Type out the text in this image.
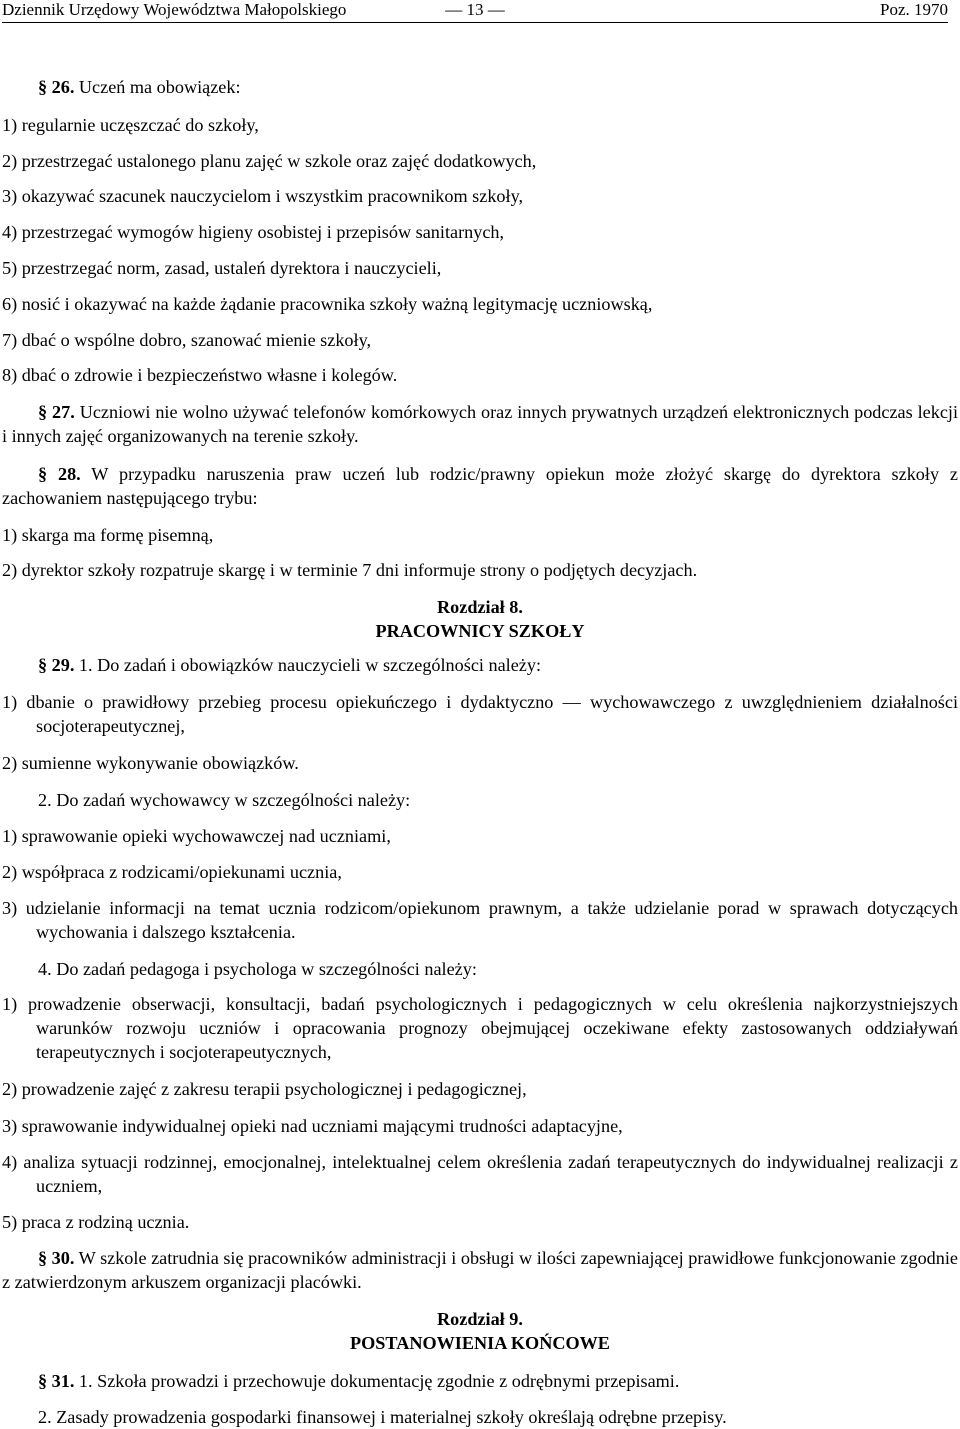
Dziennik Urzędowy Województwa Małopolskiego	— 13 —	Poz. 1970
§ 26. Uczeń ma obowiązek:
1) regularnie uczęszczać do szkoły,
2) przestrzegać ustalonego planu zajęć w szkole oraz zajęć dodatkowych,
3) okazywać szacunek nauczycielom i wszystkim pracownikom szkoły,
4) przestrzegać wymogów higieny osobistej i przepisów sanitarnych,
5) przestrzegać norm, zasad, ustaleń dyrektora i nauczycieli,
6) nosić i okazywać na każde żądanie pracownika szkoły ważną legitymację uczniowską,
7) dbać o wspólne dobro, szanować mienie szkoły,
8) dbać o zdrowie i bezpieczeństwo własne i kolegów.
§ 27. Uczniowi nie wolno używać telefonów komórkowych oraz innych prywatnych urządzeń elektronicznych podczas lekcji i innych zajęć organizowanych na terenie szkoły.
§ 28. W przypadku naruszenia praw uczeń lub rodzic/prawny opiekun może złożyć skargę do dyrektora szkoły z zachowaniem następującego trybu:
1) skarga ma formę pisemną,
2) dyrektor szkoły rozpatruje skargę i w terminie 7 dni informuje strony o podjętych decyzjach.
Rozdział 8.
PRACOWNICY SZKOŁY
§ 29. 1. Do zadań i obowiązków nauczycieli w szczególności należy:
1) dbanie o prawidłowy przebieg procesu opiekuńczego i dydaktyczno — wychowawczego z uwzględnieniem działalności socjoterapeutycznej,
2) sumienne wykonywanie obowiązków.
2. Do zadań wychowawcy w szczególności należy:
1) sprawowanie opieki wychowawczej nad uczniami,
2) współpraca z rodzicami/opiekunami ucznia,
3) udzielanie informacji na temat ucznia rodzicom/opiekunom prawnym, a także udzielanie porad w sprawach dotyczących wychowania i dalszego kształcenia.
4. Do zadań pedagoga i psychologa w szczególności należy:
1) prowadzenie obserwacji, konsultacji, badań psychologicznych i pedagogicznych w celu określenia najkorzystniejszych warunków rozwoju uczniów i opracowania prognozy obejmującej oczekiwane efekty zastosowanych oddziaływań terapeutycznych i socjoterapeutycznych,
2) prowadzenie zajęć z zakresu terapii psychologicznej i pedagogicznej,
3) sprawowanie indywidualnej opieki nad uczniami mającymi trudności adaptacyjne,
4) analiza sytuacji rodzinnej, emocjonalnej, intelektualnej celem określenia zadań terapeutycznych do indywidualnej realizacji z uczniem,
5) praca z rodziną ucznia.
§ 30. W szkole zatrudnia się pracowników administracji i obsługi w ilości zapewniającej prawidłowe funkcjonowanie zgodnie z zatwierdzonym arkuszem organizacji placówki.
Rozdział 9.
POSTANOWIENIA KOŃCOWE
§ 31. 1. Szkoła prowadzi i przechowuje dokumentację zgodnie z odrębnymi przepisami.
2. Zasady prowadzenia gospodarki finansowej i materialnej szkoły określają odrębne przepisy.
